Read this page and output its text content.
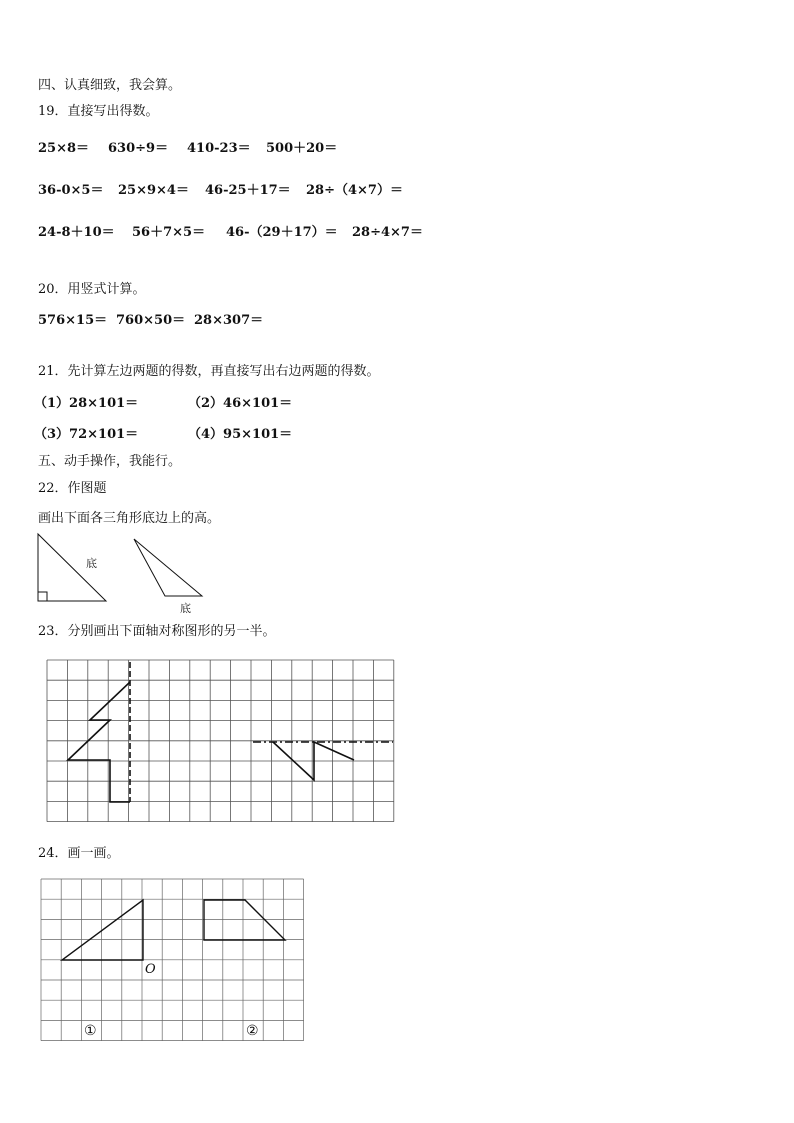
四、认真细致，我会算。
19．直接写出得数。
25×8＝ 630÷9＝ 410-23＝ 500＋20＝
36-0×5＝ 25×9×4＝ 46-25＋17＝ 28÷（4×7）＝
24-8＋10＝ 56＋7×5＝ 46-（29＋17）＝ 28÷4×7＝
20．用竖式计算。
576×15＝ 760×50＝ 28×307＝
21．先计算左边两题的得数，再直接写出右边两题的得数。
（1）28×101＝	（2）46×101＝
（3）72×101＝	（4）95×101＝
五、动手操作，我能行。
22．作图题
画出下面各三角形底边上的高。
底
底
23．分别画出下面轴对称图形的另一半。
24．画一画。
O
①	②
